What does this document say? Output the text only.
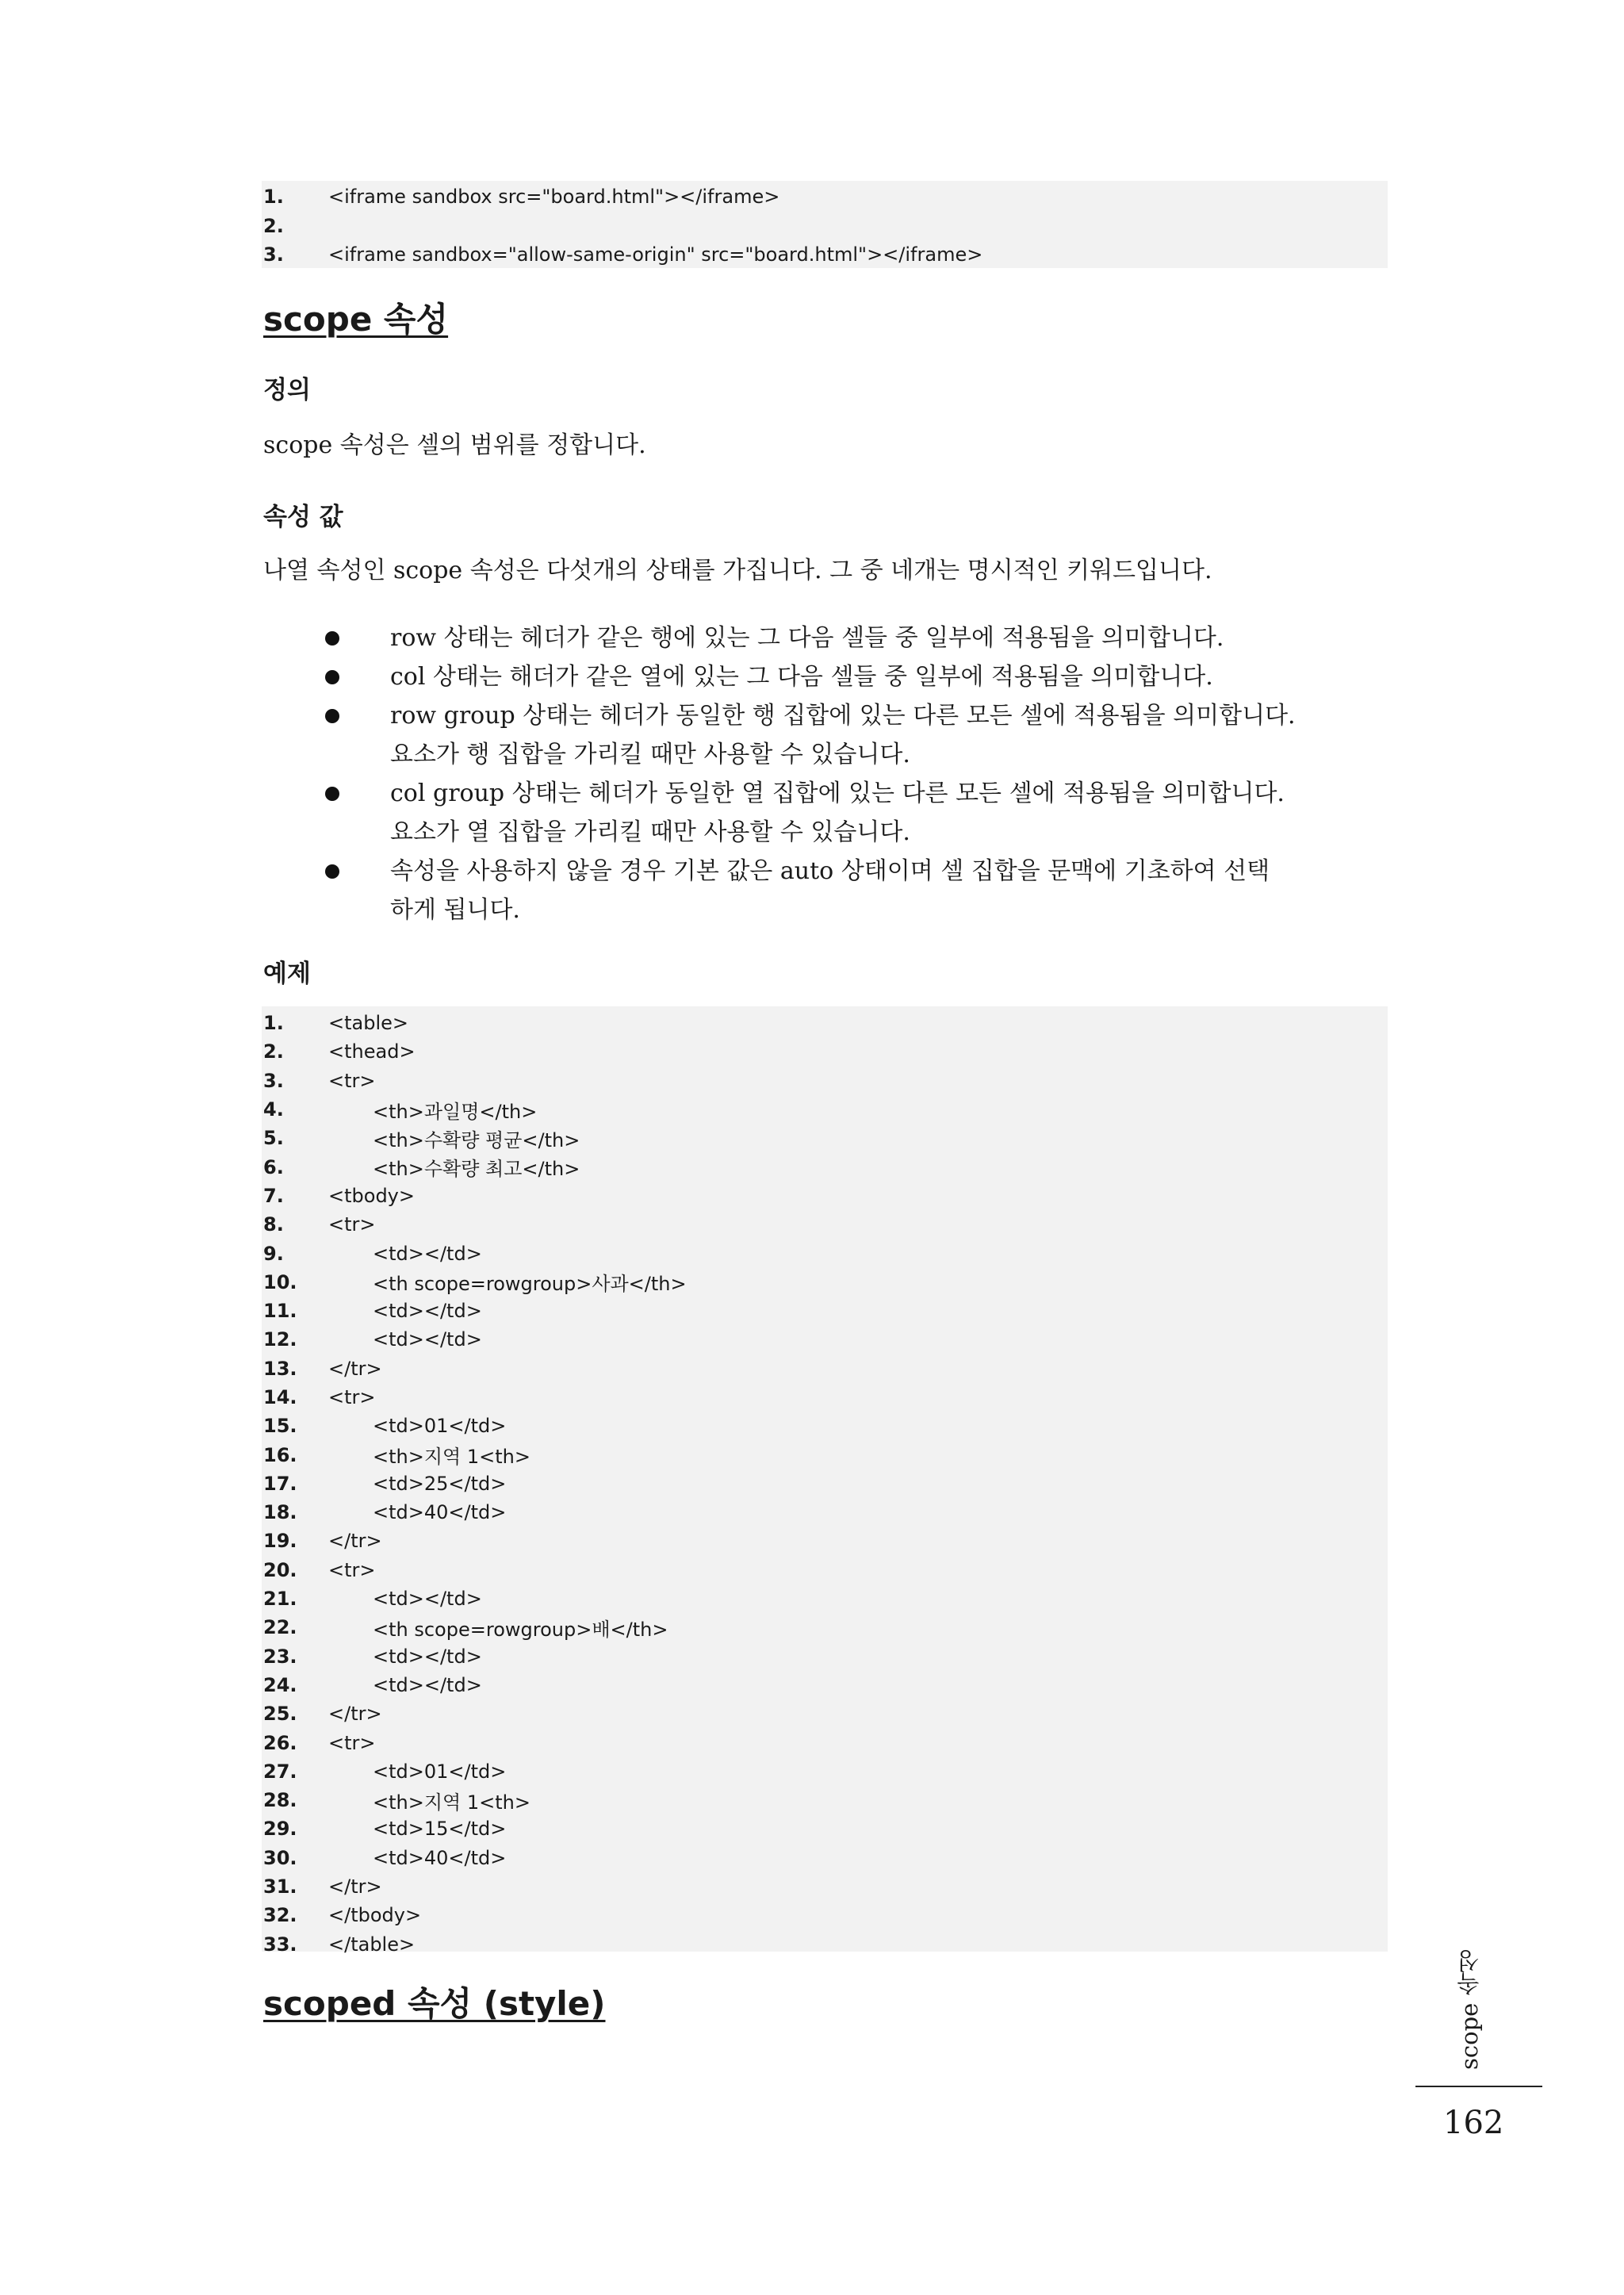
1.	<iframe sandbox src="board.html"></iframe>
2.
3.	<iframe sandbox="allow-same-origin" src="board.html"></iframe>
scope 속성
정의

scope 속성은 셀의 범위를 정합니다.

속성 값

나열 속성인 scope 속성은 다섯개의 상태를 가집니다. 그 중 네개는 명시적인 키워드입니다.

row 상태는 헤더가 같은 행에 있는 그 다음 셀들 중 일부에 적용됨을 의미합니다.
col 상태는 해더가 같은 열에 있는 그 다음 셀들 중 일부에 적용됨을 의미합니다.
row group 상태는 헤더가 동일한 행 집합에 있는 다른 모든 셀에 적용됨을 의미합니다.
요소가 행 집합을 가리킬 때만 사용할 수 있습니다.
col group 상태는 헤더가 동일한 열 집합에 있는 다른 모든 셀에 적용됨을 의미합니다.
요소가 열 집합을 가리킬 때만 사용할 수 있습니다.
속성을 사용하지 않을 경우 기본 값은 auto 상태이며 셀 집합을 문맥에 기초하여 선택
하게 됩니다.
예제
1.	<table>
2.	<thead>
3.	<tr>
4.	<th>과일명</th>
5.	<th>수확량 평균</th>
6.	<th>수확량 최고</th>
7.	<tbody>
8.	<tr>
9.	<td></td>
10.	<th scope=rowgroup>사과</th>
11.	<td></td>
12.	<td></td>
13.	</tr>
14.	<tr>
15.	<td>01</td>
16.	<th>지역 1<th>
17.	<td>25</td>
18.	<td>40</td>
19.	</tr>
20.	<tr>
21.	<td></td>
22.	<th scope=rowgroup>배</th>
23.	<td></td>
24.	<td></td>
25.	</tr>
26.	<tr>
27.	<td>01</td>
28.	<th>지역 1<th>
29.	<td>15</td>
30.	<td>40</td>
31.	</tr>
32.	</tbody>
33.	</table>
scoped 속성 (style)	scope 속성
162
